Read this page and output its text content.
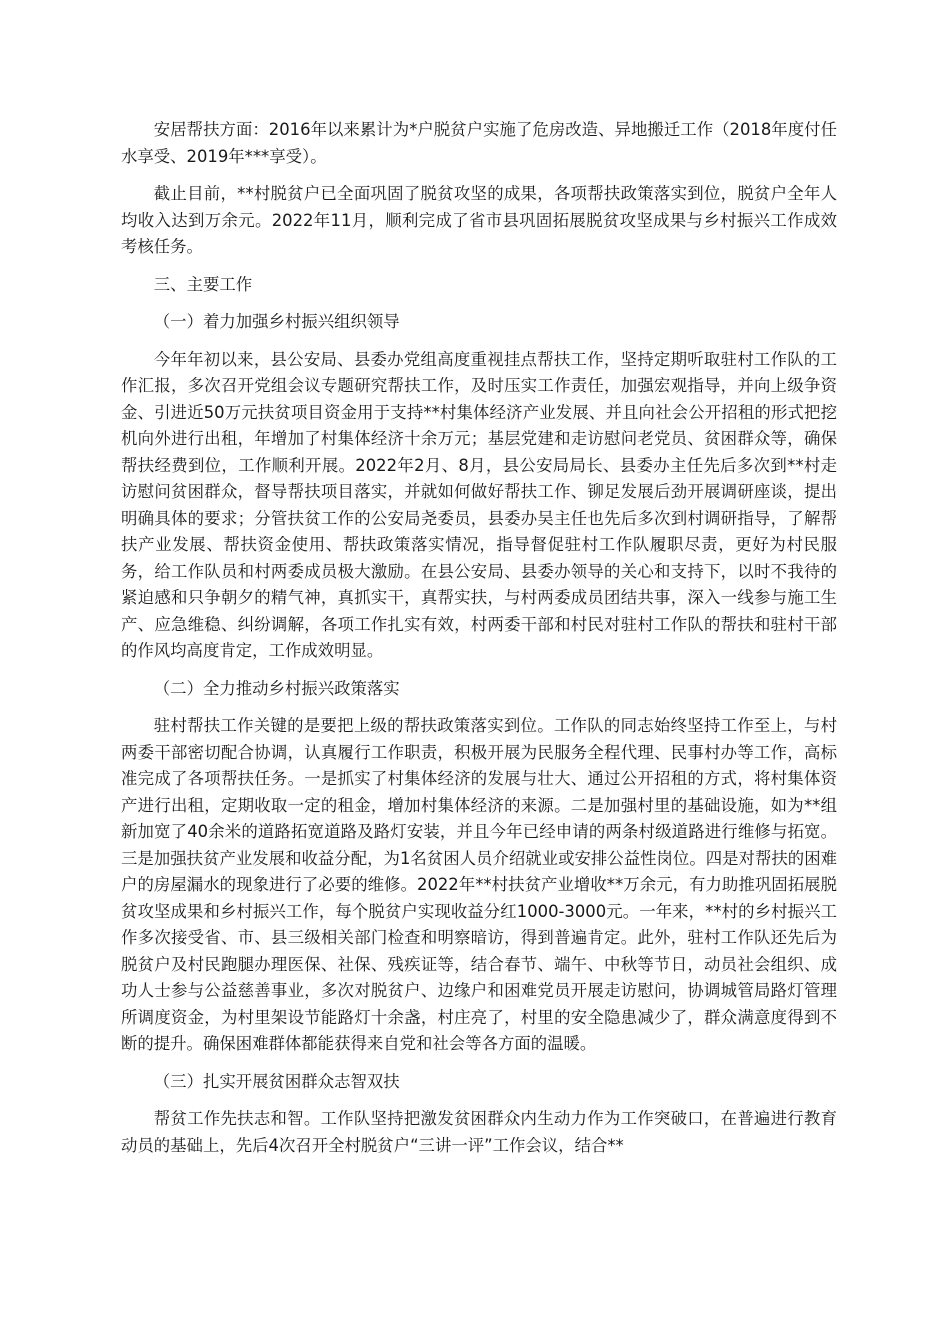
安居帮扶方面：2016年以来累计为*户脱贫户实施了危房改造、异地搬迁工作（2018年度付任水享受、2019年***享受）。

截止目前，**村脱贫户已全面巩固了脱贫攻坚的成果，各项帮扶政策落实到位，脱贫户全年人均收入达到万余元。2022年11月，顺利完成了省市县巩固拓展脱贫攻坚成果与乡村振兴工作成效考核任务。

三、主要工作
（一）着力加强乡村振兴组织领导

今年年初以来，县公安局、县委办党组高度重视挂点帮扶工作，坚持定期听取驻村工作队的工作汇报，多次召开党组会议专题研究帮扶工作，及时压实工作责任，加强宏观指导，并向上级争资金、引进近50万元扶贫项目资金用于支持**村集体经济产业发展、并且向社会公开招租的形式把挖机向外进行出租，年增加了村集体经济十余万元；基层党建和走访慰问老党员、贫困群众等，确保帮扶经费到位，工作顺利开展。2022年2月、8月，县公安局局长、县委办主任先后多次到**村走访慰问贫困群众，督导帮扶项目落实，并就如何做好帮扶工作、铆足发展后劲开展调研座谈，提出明确具体的要求；分管扶贫工作的公安局尧委员，县委办吴主任也先后多次到村调研指导，了解帮扶产业发展、帮扶资金使用、帮扶政策落实情况，指导督促驻村工作队履职尽责，更好为村民服务，给工作队员和村两委成员极大激励。在县公安局、县委办领导的关心和支持下，以时不我待的紧迫感和只争朝夕的精气神，真抓实干，真帮实扶，与村两委成员团结共事，深入一线参与施工生产、应急维稳、纠纷调解，各项工作扎实有效，村两委干部和村民对驻村工作队的帮扶和驻村干部的作风均高度肯定，工作成效明显。

（二）全力推动乡村振兴政策落实

驻村帮扶工作关键的是要把上级的帮扶政策落实到位。工作队的同志始终坚持工作至上，与村两委干部密切配合协调，认真履行工作职责，积极开展为民服务全程代理、民事村办等工作，高标准完成了各项帮扶任务。一是抓实了村集体经济的发展与壮大、通过公开招租的方式，将村集体资产进行出租，定期收取一定的租金，增加村集体经济的来源。二是加强村里的基础设施，如为**组新加宽了40余米的道路拓宽道路及路灯安装，并且今年已经申请的两条村级道路进行维修与拓宽。三是加强扶贫产业发展和收益分配，为1名贫困人员介绍就业或安排公益性岗位。四是对帮扶的困难户的房屋漏水的现象进行了必要的维修。2022年**村扶贫产业增收**万余元，有力助推巩固拓展脱贫攻坚成果和乡村振兴工作，每个脱贫户实现收益分红1000-3000元。一年来，**村的乡村振兴工作多次接受省、市、县三级相关部门检查和明察暗访，得到普遍肯定。此外，驻村工作队还先后为脱贫户及村民跑腿办理医保、社保、残疾证等，结合春节、端午、中秋等节日，动员社会组织、成功人士参与公益慈善事业，多次对脱贫户、边缘户和困难党员开展走访慰问，协调城管局路灯管理所调度资金，为村里架设节能路灯十余盏，村庄亮了，村里的安全隐患减少了，群众满意度得到不断的提升。确保困难群体都能获得来自党和社会等各方面的温暖。

（三）扎实开展贫困群众志智双扶

帮贫工作先扶志和智。工作队坚持把激发贫困群众内生动力作为工作突破口，在普遍进行教育动员的基础上，先后4次召开全村脱贫户“三讲一评”工作会议，结合**
